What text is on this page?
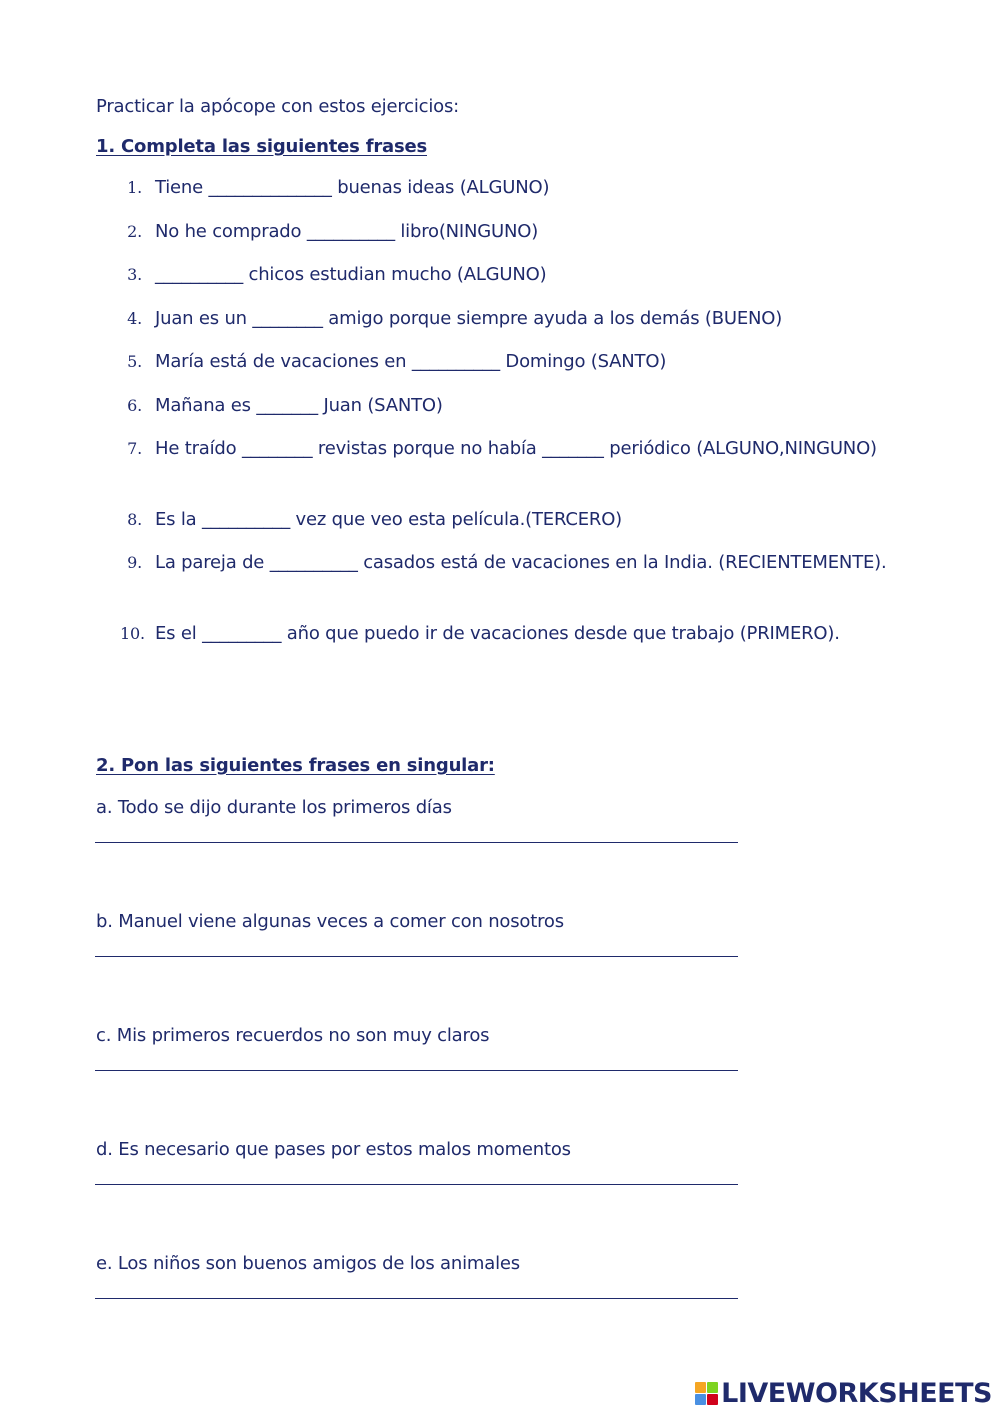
Practicar la apócope con estos ejercicios:
1. Completa las siguientes frases
1. Tiene ______________ buenas ideas (ALGUNO)
2. No he comprado __________ libro(NINGUNO)
3. __________ chicos estudian mucho (ALGUNO)
4. Juan es un ________ amigo porque siempre ayuda a los demás (BUENO)
5. María está de vacaciones en __________ Domingo (SANTO)
6. Mañana es _______ Juan (SANTO)
7. He traído ________ revistas porque no había _______ periódico (ALGUNO,NINGUNO)
8. Es la __________ vez que veo esta película.(TERCERO)
9. La pareja de __________ casados está de vacaciones en la India. (RECIENTEMENTE).
10. Es el _________ año que puedo ir de vacaciones desde que trabajo (PRIMERO).
2. Pon las siguientes frases en singular:
a. Todo se dijo durante los primeros días
b. Manuel viene algunas veces a comer con nosotros
c. Mis primeros recuerdos no son muy claros
d. Es necesario que pases por estos malos momentos
e. Los niños son buenos amigos de los animales
LIVEWORKSHEETS
